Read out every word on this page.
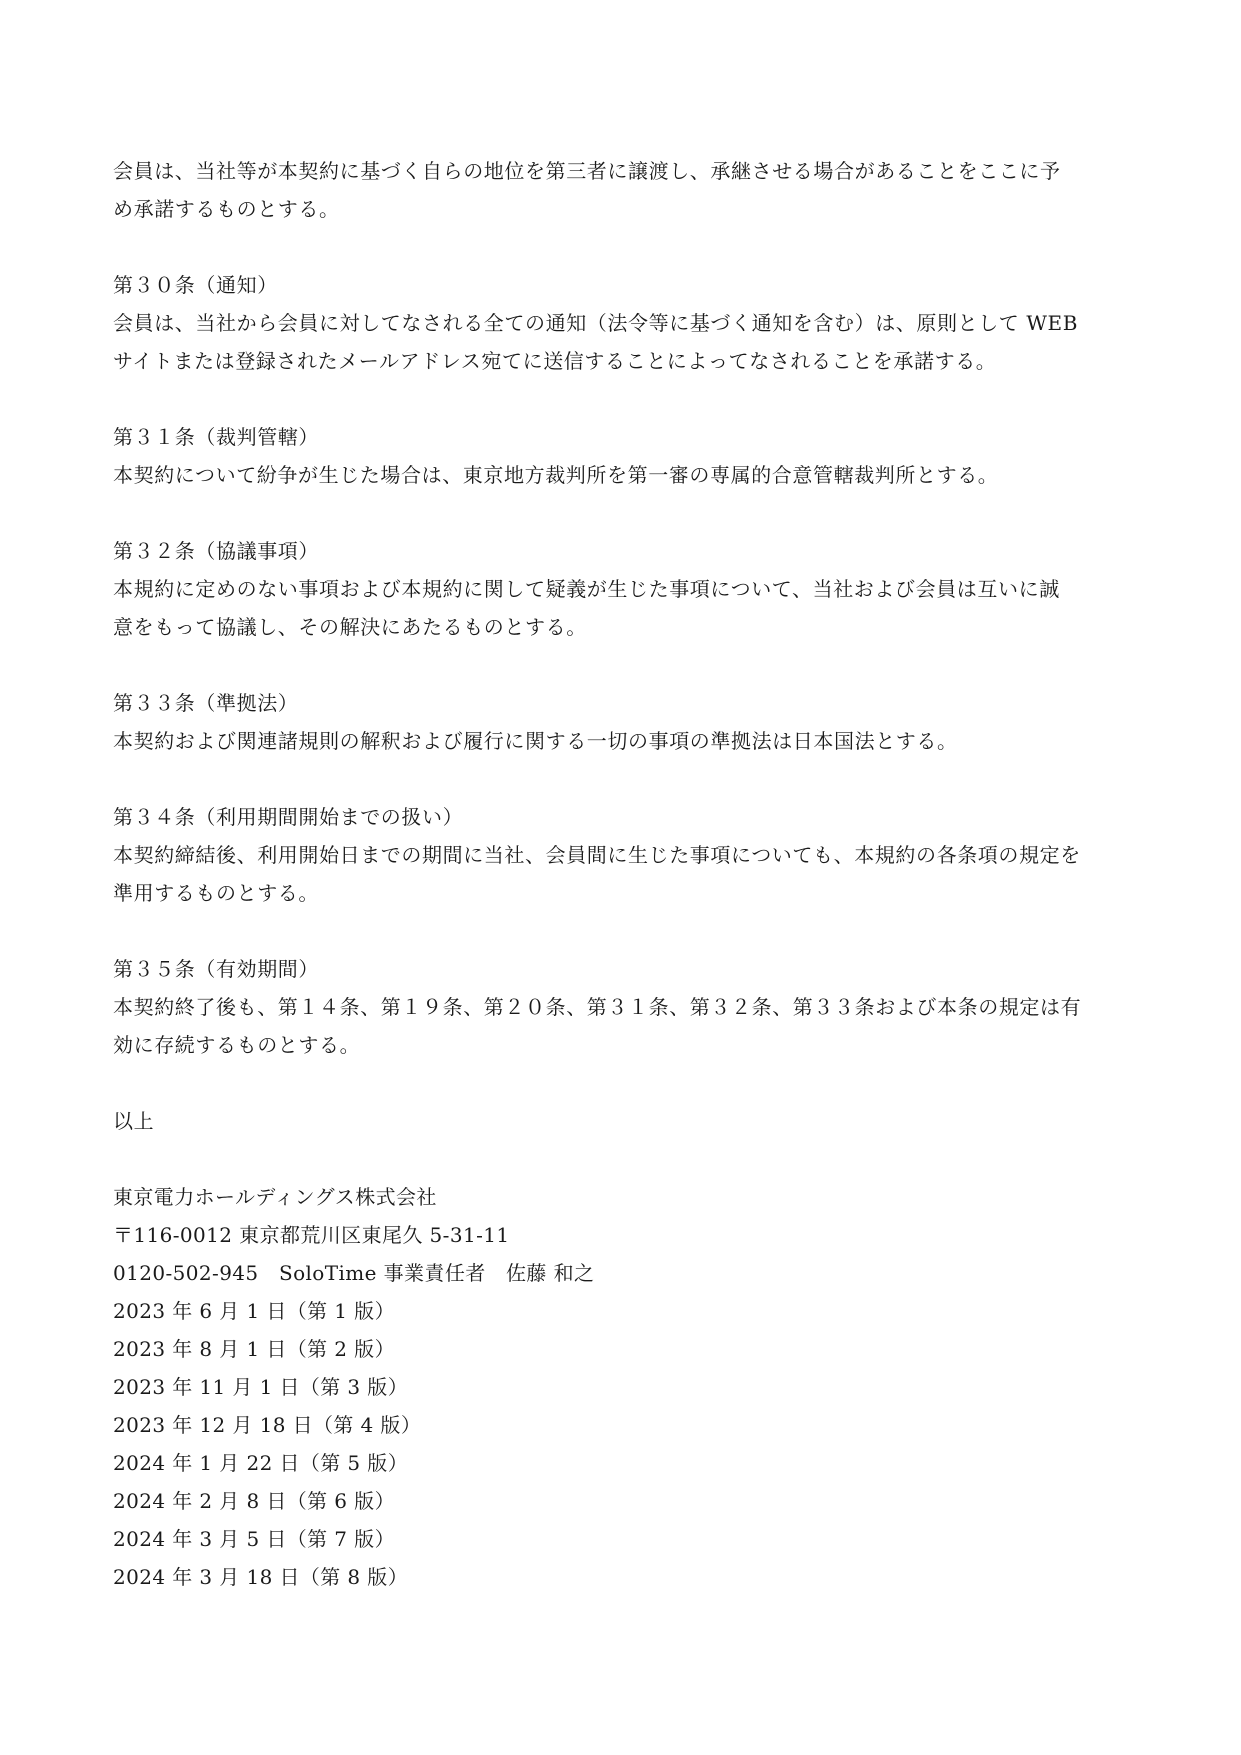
会員は、当社等が本契約に基づく自らの地位を第三者に譲渡し、承継させる場合があることをここに予

め承諾するものとする。

第３０条（通知）

会員は、当社から会員に対してなされる全ての通知（法令等に基づく通知を含む）は、原則として WEB

サイトまたは登録されたメールアドレス宛てに送信することによってなされることを承諾する。

第３１条（裁判管轄）

本契約について紛争が生じた場合は、東京地方裁判所を第一審の専属的合意管轄裁判所とする。

第３２条（協議事項）

本規約に定めのない事項および本規約に関して疑義が生じた事項について、当社および会員は互いに誠

意をもって協議し、その解決にあたるものとする。

第３３条（準拠法）

本契約および関連諸規則の解釈および履行に関する一切の事項の準拠法は日本国法とする。

第３４条（利用期間開始までの扱い）

本契約締結後、利用開始日までの期間に当社、会員間に生じた事項についても、本規約の各条項の規定を

準用するものとする。

第３５条（有効期間）

本契約終了後も、第１４条、第１９条、第２０条、第３１条、第３２条、第３３条および本条の規定は有

効に存続するものとする。

以上

東京電力ホールディングス株式会社

〒116-0012 東京都荒川区東尾久 5-31-11

0120-502-945　SoloTime 事業責任者　佐藤 和之

2023 年 6 月 1 日（第 1 版）

2023 年 8 月 1 日（第 2 版）

2023 年 11 月 1 日（第 3 版）

2023 年 12 月 18 日（第 4 版）

2024 年 1 月 22 日（第 5 版）

2024 年 2 月 8 日（第 6 版）

2024 年 3 月 5 日（第 7 版）

2024 年 3 月 18 日（第 8 版）
